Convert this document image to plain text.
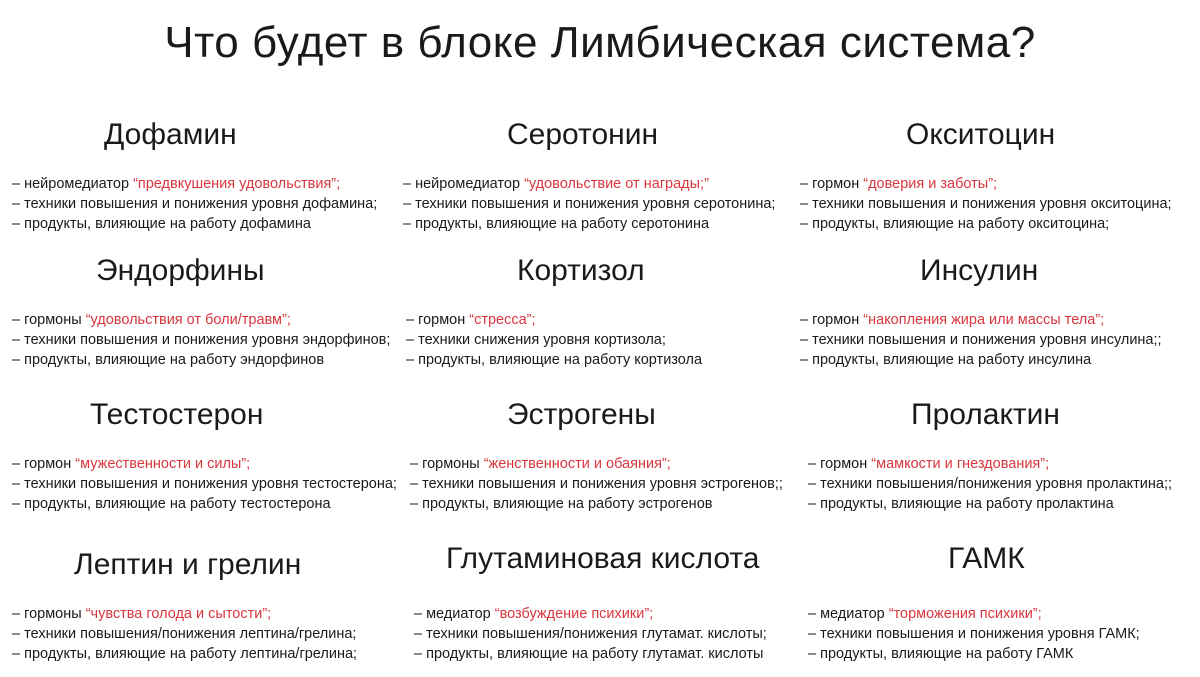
Что будет в блоке Лимбическая система?
Дофамин
– нейромедиатор “предвкушения удовольствия”;
– техники повышения и понижения уровня дофамина;
– продукты, влияющие на работу дофамина
Серотонин
– нейромедиатор “удовольствие от награды;”
– техники повышения и понижения уровня серотонина;
– продукты, влияющие на работу серотонина
Окситоцин
– гормон “доверия и заботы”;
– техники повышения и понижения уровня окситоцина;
– продукты, влияющие на работу окситоцина;
Эндорфины
– гормоны “удовольствия от боли/травм”;
– техники повышения и понижения уровня эндорфинов;
– продукты, влияющие на работу эндорфинов
Кортизол
– гормон “стресса”;
– техники снижения уровня кортизола;
– продукты, влияющие на работу кортизола
Инсулин
– гормон “накопления жира или массы тела”;
– техники повышения и понижения уровня инсулина;;
– продукты, влияющие на работу инсулина
Тестостерон
– гормон “мужественности и силы”;
– техники повышения и понижения уровня тестостерона;
– продукты, влияющие на работу тестостерона
Эстрогены
– гормоны “женственности и обаяния”;
– техники повышения и понижения уровня эстрогенов;;
– продукты, влияющие на работу эстрогенов
Пролактин
– гормон “мамкости и гнездования”;
– техники повышения/понижения уровня пролактина;;
– продукты, влияющие на работу пролактина
Лептин и грелин
– гормоны “чувства голода и сытости”;
– техники повышения/понижения лептина/грелина;
– продукты, влияющие на работу лептина/грелина;
Глутаминовая кислота
– медиатор “возбуждение психики”;
– техники повышения/понижения глутамат. кислоты;
– продукты, влияющие на работу глутамат. кислоты
ГАМК
– медиатор “торможения психики”;
– техники повышения и понижения уровня ГАМК;
– продукты, влияющие на работу ГАМК
